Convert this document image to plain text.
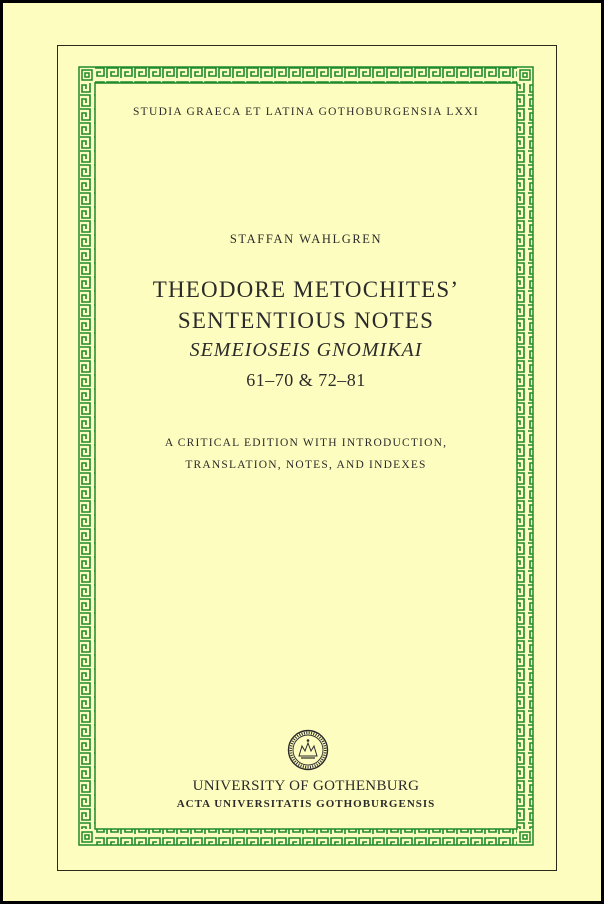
STUDIA GRAECA ET LATINA GOTHOBURGENSIA LXXI
STAFFAN WAHLGREN
THEODORE METOCHITES’
SENTENTIOUS NOTES
SEMEIOSEIS GNOMIKAI
61–70 & 72–81
A CRITICAL EDITION WITH INTRODUCTION,
TRANSLATION, NOTES, AND INDEXES
UNIVERSITY OF GOTHENBURG
ACTA UNIVERSITATIS GOTHOBURGENSIS
